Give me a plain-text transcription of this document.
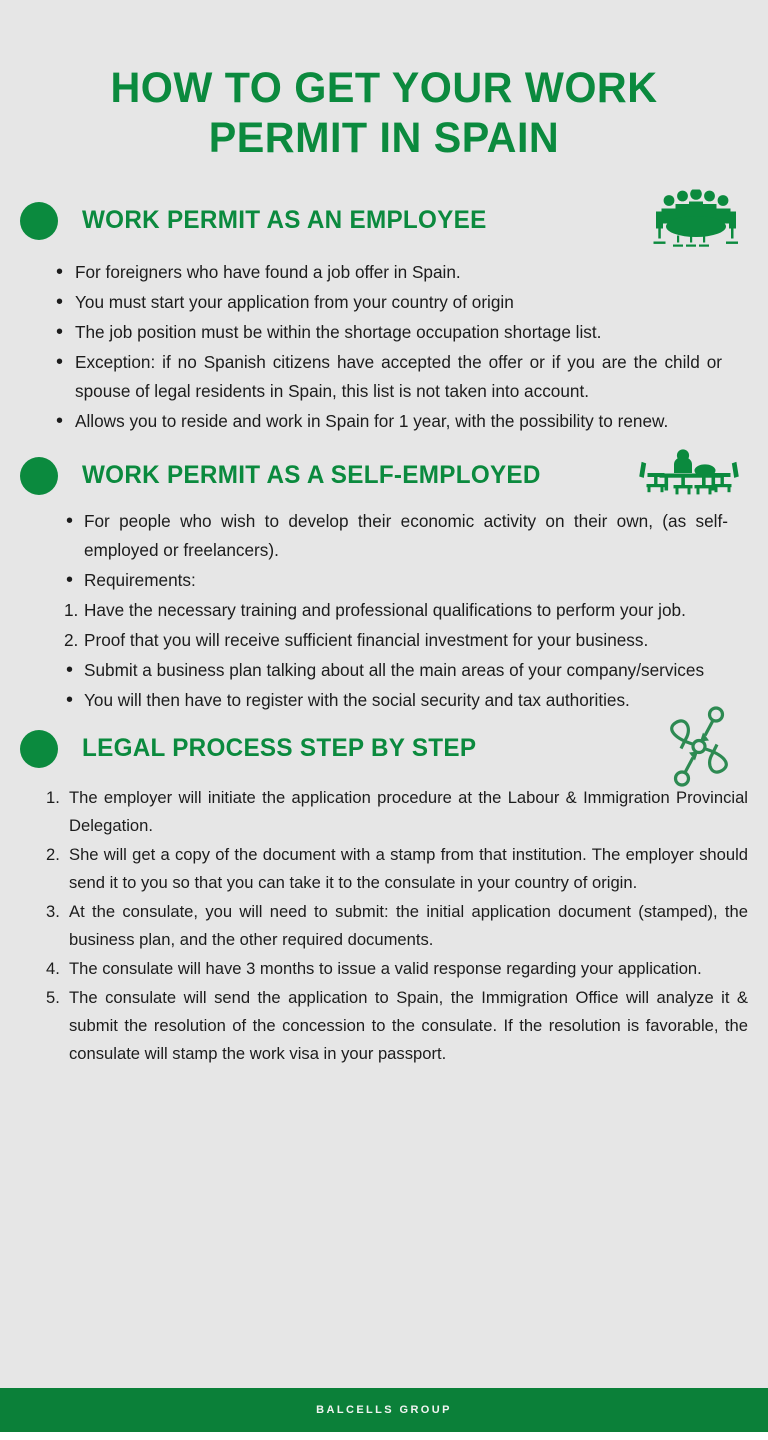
HOW TO GET YOUR WORK PERMIT IN SPAIN
WORK PERMIT AS AN EMPLOYEE
• For foreigners who have found a job offer in Spain.
• You must start your application from your country of origin
• The job position must be within the shortage occupation shortage list.
• Exception: if no Spanish citizens have accepted the offer or if you are the child or spouse of legal residents in Spain, this list is not taken into account.
• Allows you to reside and work in Spain for 1 year, with the possibility to renew.
WORK PERMIT AS A SELF-EMPLOYED
• For people who wish to develop their economic activity on their own, (as self-employed or freelancers).
• Requirements:
1. Have the necessary training and professional qualifications to perform your job.
2. Proof that you will receive sufficient financial investment for your business.
• Submit a business plan talking about all the main areas of your company/services
• You will then have to register with the social security and tax authorities.
LEGAL PROCESS STEP BY STEP
1. The employer will initiate the application procedure at the Labour & Immigration Provincial Delegation.
2. She will get a copy of the document with a stamp from that institution. The employer should send it to you so that you can take it to the consulate in your country of origin.
3. At the consulate, you will need to submit: the initial application document (stamped), the business plan, and the other required documents.
4. The consulate will have 3 months to issue a valid response regarding your application.
5. The consulate will send the application to Spain, the Immigration Office will analyze it & submit the resolution of the concession to the consulate. If the resolution is favorable, the consulate will stamp the work visa in your passport.
BALCELLS GROUP
